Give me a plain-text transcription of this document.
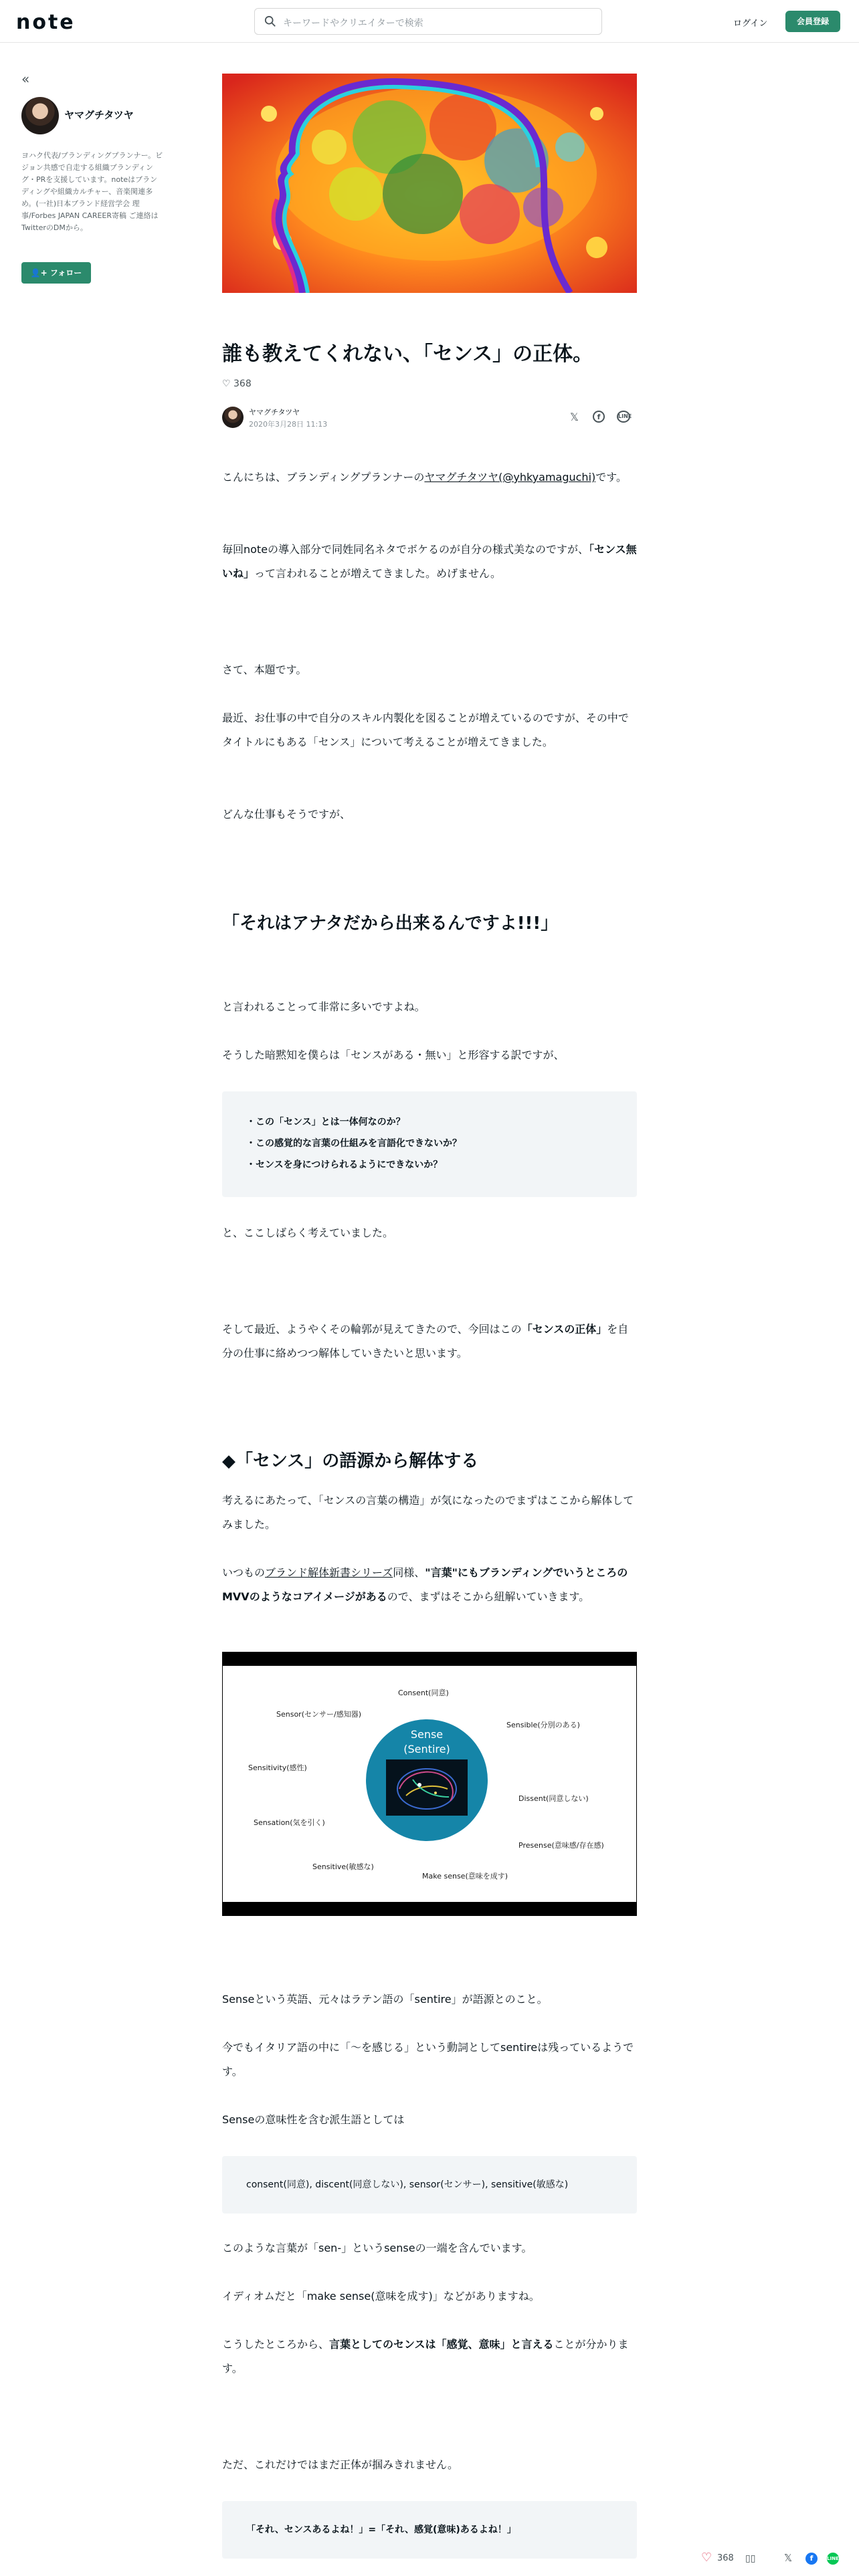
note	キーワードやクリエイターで検索	ログイン	会員登録
«
ヤマグチタツヤ
ヨハク代表/ブランディングプランナー。ビジョン共感で自走する組織ブランディング・PRを支援しています。noteはブランディングや組織カルチャー、音楽関連多め。(一社)日本ブランド経営学会 理事/Forbes JAPAN CAREER寄稿 ご連絡はTwitterのDMから。
👤+ フォロー
誰も教えてくれない、「センス」の正体。
♡ 368
ヤマグチタツヤ
2020年3月28日 11:13
𝕏	f	LINE
こんにちは、ブランディングプランナーのヤマグチタツヤ(@yhkyamaguchi)です。
毎回noteの導入部分で同姓同名ネタでボケるのが自分の様式美なのですが、「センス無いね」って言われることが増えてきました。めげません。
さて、本題です。
最近、お仕事の中で自分のスキル内製化を図ることが増えているのですが、その中でタイトルにもある「センス」について考えることが増えてきました。
どんな仕事もそうですが、
「それはアナタだから出来るんですよ!!!」
と言われることって非常に多いですよね。
そうした暗黙知を僕らは「センスがある・無い」と形容する訳ですが、
・この「センス」とは一体何なのか？
・この感覚的な言葉の仕組みを言語化できないか？
・センスを身につけられるようにできないか？
と、ここしばらく考えていました。
そして最近、ようやくその輪郭が見えてきたので、今回はこの「センスの正体」を自分の仕事に絡めつつ解体していきたいと思います。
◆「センス」の語源から解体する
考えるにあたって、「センスの言葉の構造」が気になったのでまずはここから解体してみました。
いつものブランド解体新書シリーズ同様、"言葉"にもブランディングでいうところのMVVのようなコアイメージがあるので、まずはそこから紐解いていきます。
Sense
(Sentire)
Consent(同意)
Sensor(センサー/感知器)
Sensible(分別のある)
Sensitivity(感性)
Dissent(同意しない)
Sensation(気を引く)
Presense(意味感/存在感)
Sensitive(敏感な)
Make sense(意味を成す)
Senseという英語、元々はラテン語の「sentire」が語源とのこと。
今でもイタリア語の中に「〜を感じる」という動詞としてsentireは残っているようです。
Senseの意味性を含む派生語としては
consent(同意), discent(同意しない), sensor(センサー), sensitive(敏感な)
このような言葉が「sen-」というsenseの一端を含んでいます。
イディオムだと「make sense(意味を成す)」などがありますね。
こうしたところから、言葉としてのセンスは「感覚、意味」と言えることが分かります。
ただ、これだけではまだ正体が掴みきれません。
「それ、センスあるよね！」=「それ、感覚(意味)あるよね！」
♡ 368 ▯▯	𝕏	f	LINE
